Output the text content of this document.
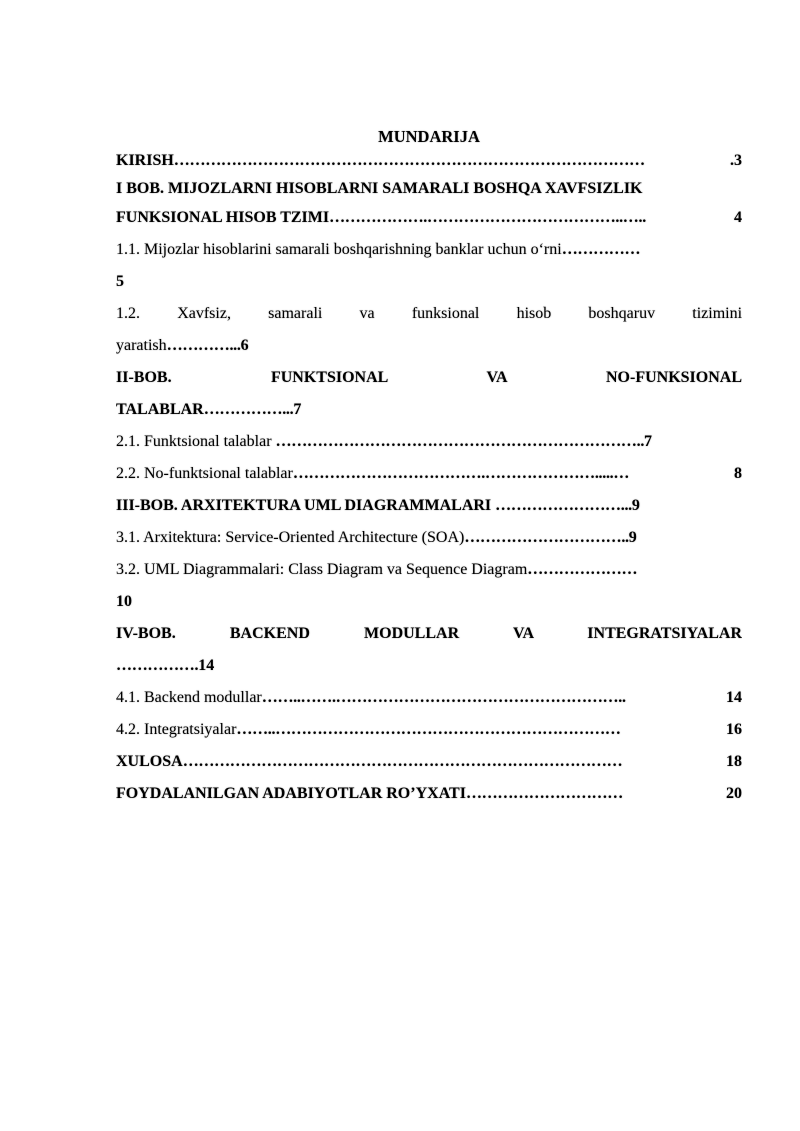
MUNDARIJA
KIRISH ………………………………………………………………………………	.3
I BOB. MIJOZLARNI HISOBLARNI SAMARALI BOSHQA XAVFSIZLIK
FUNKSIONAL HISOB TZIMI ……………….………………………………..…..	4
1.1. Mijozlar hisoblarini samarali boshqarishning banklar uchun o‘rni ……………
5
1.2. Xavfsiz, samarali va funksional hisob boshqaruv tizimini
yaratish…………...6
II-BOB.	FUNKTSIONAL	VA	NO-FUNKSIONAL
TALABLAR……………...7
2.1. Funktsional talablar ……………………………………………………………..7
2.2. No-funktsional talablar ……………………………….………………….....…	8
III-BOB. ARXITEKTURA UML DIAGRAMMALARI ……………………...9
3.1. Arxitektura: Service-Oriented Architecture (SOA)…………………………..9
3.2. UML Diagrammalari: Class Diagram va Sequence Diagram …………………
10
IV-BOB.	BACKEND	MODULLAR	VA	INTEGRATSIYALAR
…………….14
4.1. Backend modullar ……..…….………………………………………………..	14
4.2. Integratsiyalar ……..…………………………………………………………	16
XULOSA …………………………………………………………………………	18
FOYDALANILGAN ADABIYOTLAR RO’YXATI …………………………	20
